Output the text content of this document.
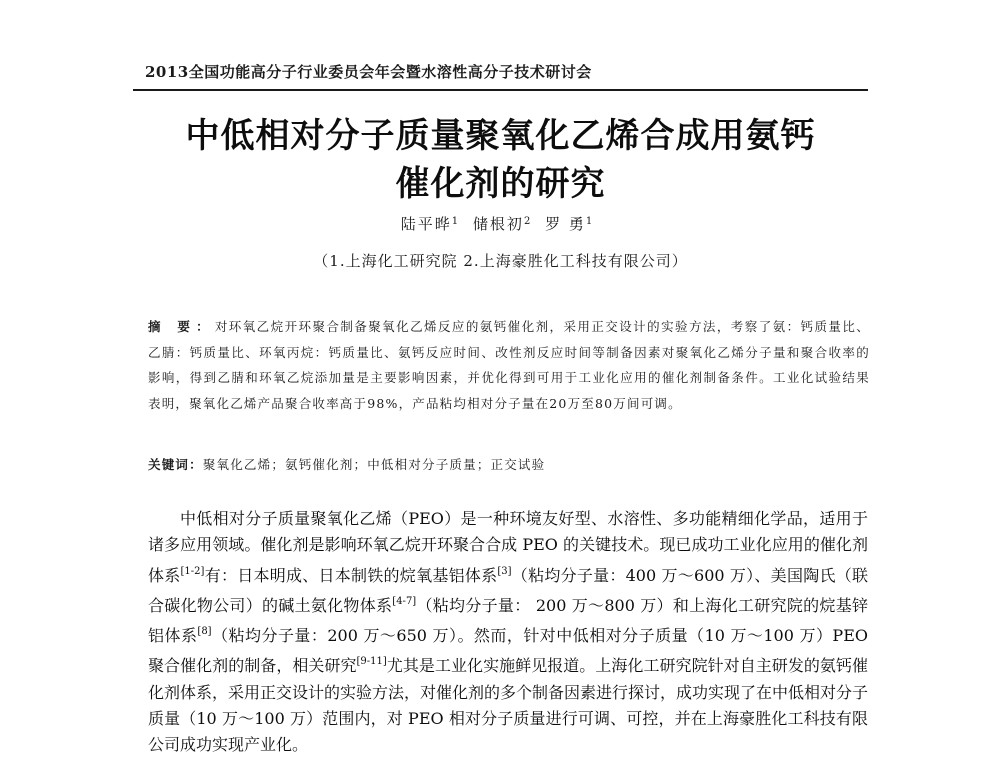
2013全国功能高分子行业委员会年会暨水溶性高分子技术研讨会
中低相对分子质量聚氧化乙烯合成用氨钙
催化剂的研究
陆平晔$^1$ 储根初$^2$ 罗 勇$^1$
（1.上海化工研究院 2.上海豪胜化工科技有限公司）
摘 要：对环氧乙烷开环聚合制备聚氧化乙烯反应的氨钙催化剂，采用正交设计的实验方法，考察了氨：钙质量比、乙腈：钙质量比、环氧丙烷：钙质量比、氨钙反应时间、改性剂反应时间等制备因素对聚氧化乙烯分子量和聚合收率的影响，得到乙腈和环氧乙烷添加量是主要影响因素，并优化得到可用于工业化应用的催化剂制备条件。工业化试验结果表明，聚氧化乙烯产品聚合收率高于98%，产品粘均相对分子量在20万至80万间可调。
关键词：聚氧化乙烯；氨钙催化剂；中低相对分子质量；正交试验

中低相对分子质量聚氧化乙烯（PEO）是一种环境友好型、水溶性、多功能精细化学品，适用于诸多应用领域。催化剂是影响环氧乙烷开环聚合合成 PEO 的关键技术。现已成功工业化应用的催化剂体系[1-2]有：日本明成、日本制铁的烷氧基铝体系[3]（粘均分子量：400 万～600 万）、美国陶氏（联合碳化物公司）的碱土氨化物体系[4-7]（粘均分子量： 200 万～800 万）和上海化工研究院的烷基锌铝体系[8]（粘均分子量：200 万～650 万）。然而，针对中低相对分子质量（10 万～100 万）PEO 聚合催化剂的制备，相关研究[9-11]尤其是工业化实施鲜见报道。上海化工研究院针对自主研发的氨钙催化剂体系，采用正交设计的实验方法，对催化剂的多个制备因素进行探讨，成功实现了在中低相对分子质量（10 万～100 万）范围内，对 PEO 相对分子质量进行可调、可控，并在上海豪胜化工科技有限公司成功实现产业化。
